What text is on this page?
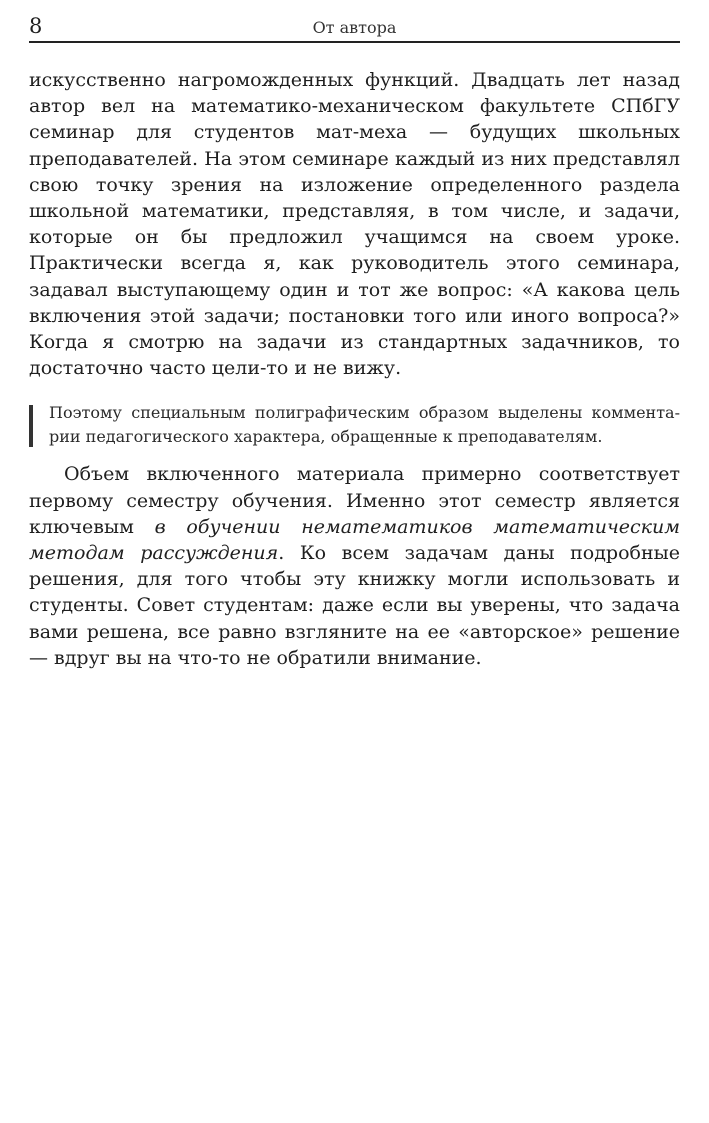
8	От автора

искусственно нагроможденных функций. Двадцать лет назад автор вел на математико-механическом факультете СПбГУ семинар для студентов мат-меха — будущих школьных преподавателей. На этом семинаре каждый из них представлял свою точку зрения на изложение определенного раздела школьной математики, представляя, в том числе, и задачи, которые он бы предложил учащимся на своем уроке. Практически всегда я, как руководитель этого семинара, задавал выступающему один и тот же вопрос: «А какова цель включения этой задачи; постановки того или иного вопроса?» Когда я смотрю на задачи из стандартных задачников, то достаточно часто цели-то и не вижу.

Поэтому специальным полиграфическим образом выделены комментарии педагогического характера, обращенные к преподавателям.

Объем включенного материала примерно соответствует первому семестру обучения. Именно этот семестр является ключевым в обучении нематематиков математическим методам рассуждения. Ко всем задачам даны подробные решения, для того чтобы эту книжку могли использовать и студенты. Совет студентам: даже если вы уверены, что задача вами решена, все равно взгляните на ее «авторское» решение — вдруг вы на что-то не обратили внимание.
